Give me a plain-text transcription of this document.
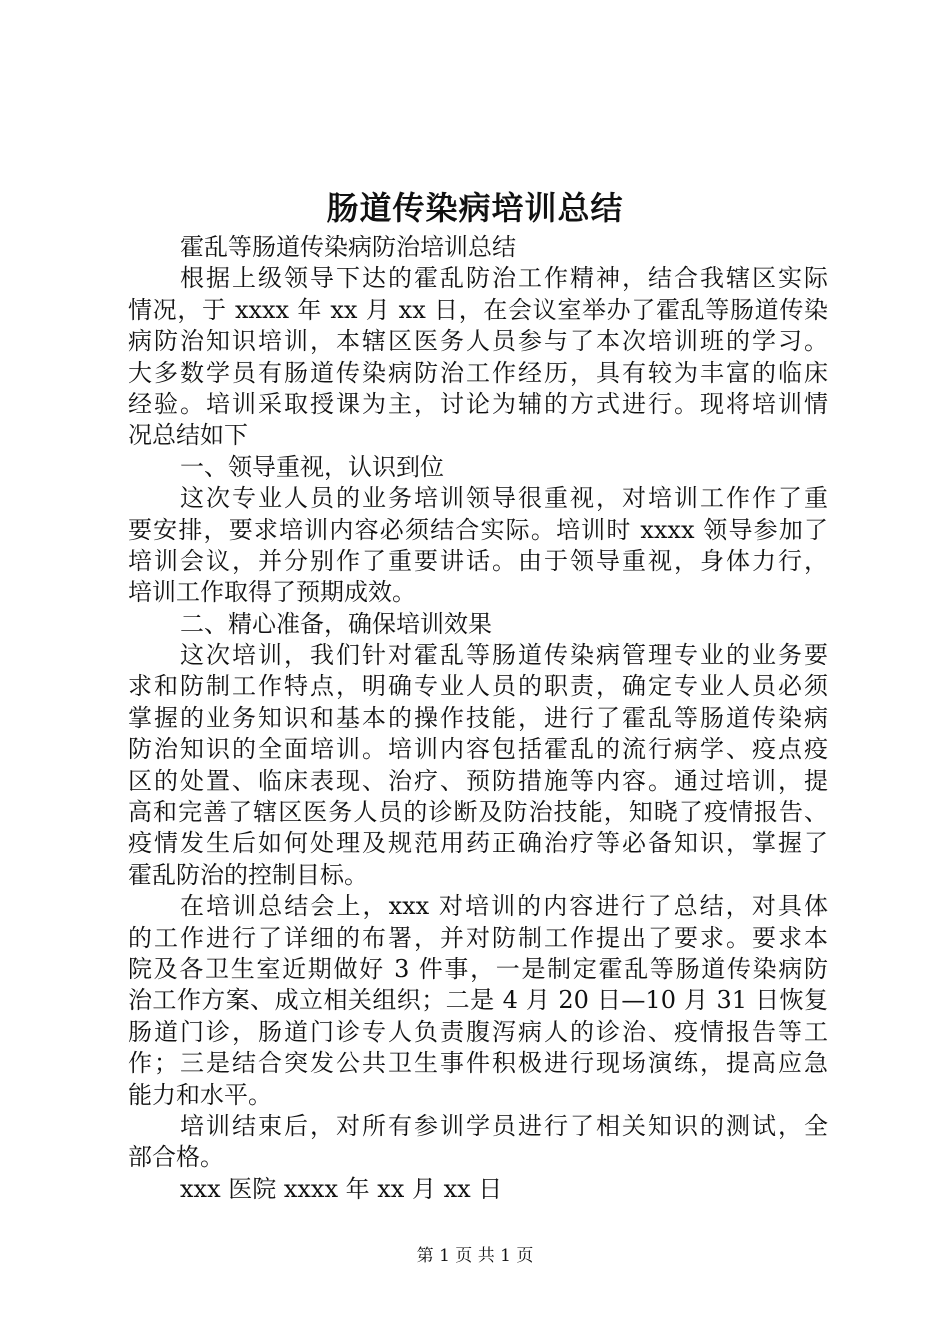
肠道传染病培训总结
霍乱等肠道传染病防治培训总结
根据上级领导下达的霍乱防治工作精神，结合我辖区实际
情况，于 xxxx 年 xx 月 xx 日，在会议室举办了霍乱等肠道传染
病防治知识培训，本辖区医务人员参与了本次培训班的学习。
大多数学员有肠道传染病防治工作经历，具有较为丰富的临床
经验。培训采取授课为主，讨论为辅的方式进行。现将培训情
况总结如下
一、领导重视，认识到位
这次专业人员的业务培训领导很重视，对培训工作作了重
要安排，要求培训内容必须结合实际。培训时 xxxx 领导参加了
培训会议，并分别作了重要讲话。由于领导重视，身体力行，
培训工作取得了预期成效。
二、精心准备，确保培训效果
这次培训，我们针对霍乱等肠道传染病管理专业的业务要
求和防制工作特点，明确专业人员的职责，确定专业人员必须
掌握的业务知识和基本的操作技能，进行了霍乱等肠道传染病
防治知识的全面培训。培训内容包括霍乱的流行病学、疫点疫
区的处置、临床表现、治疗、预防措施等内容。通过培训，提
高和完善了辖区医务人员的诊断及防治技能，知晓了疫情报告、
疫情发生后如何处理及规范用药正确治疗等必备知识，掌握了
霍乱防治的控制目标。
在培训总结会上，xxx 对培训的内容进行了总结，对具体
的工作进行了详细的布署，并对防制工作提出了要求。要求本
院及各卫生室近期做好 3 件事，一是制定霍乱等肠道传染病防
治工作方案、成立相关组织；二是 4 月 20 日—10 月 31 日恢复
肠道门诊，肠道门诊专人负责腹泻病人的诊治、疫情报告等工
作；三是结合突发公共卫生事件积极进行现场演练，提高应急
能力和水平。
培训结束后，对所有参训学员进行了相关知识的测试，全
部合格。
xxx 医院 xxxx 年 xx 月 xx 日
第 1 页 共 1 页
